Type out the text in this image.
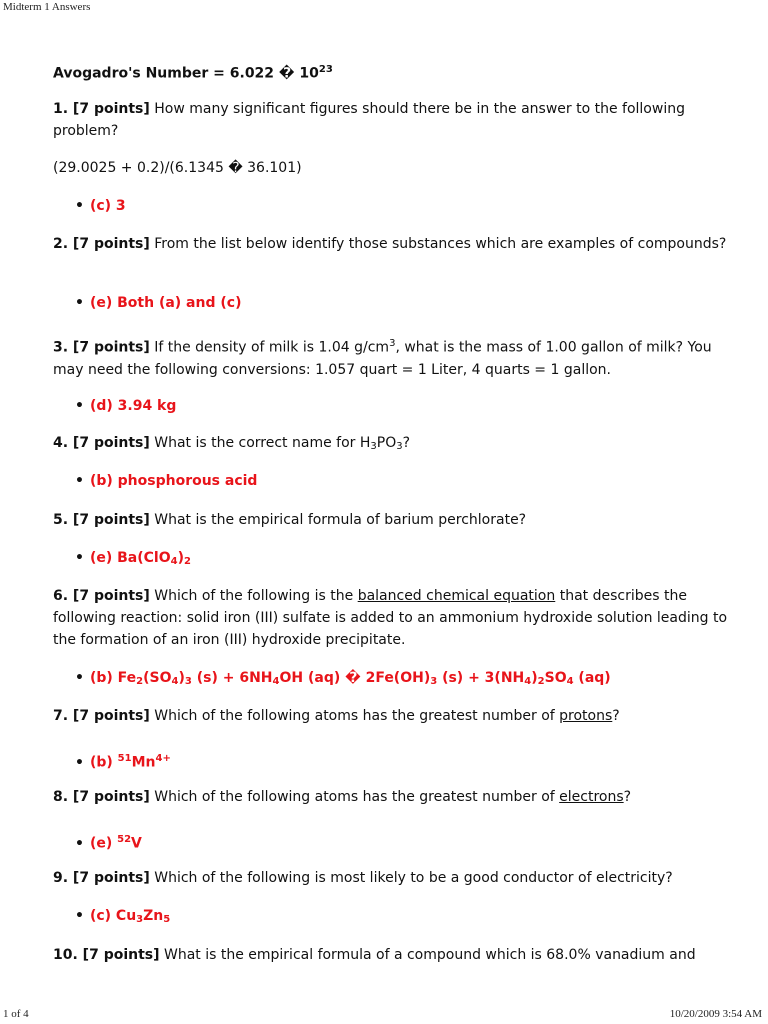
Midterm 1 Answers
Avogadro's Number = 6.022 � $10^{23}$
1. [7 points] How many significant figures should there be in the answer to the following problem?
(29.0025 + 0.2)/(6.1345 � 36.101)
• (c) 3
2. [7 points] From the list below identify those substances which are examples of compounds?
• (e) Both (a) and (c)
3. [7 points] If the density of milk is 1.04 $g/cm^3$, what is the mass of 1.00 gallon of milk? You may need the following conversions: 1.057 quart = 1 Liter, 4 quarts = 1 gallon.
• (d) 3.94 kg
4. [7 points] What is the correct name for $H_3PO_3$?
• (b) phosphorous acid
5. [7 points] What is the empirical formula of barium perchlorate?
• (e) $Ba(ClO_4)_2$
6. [7 points] Which of the following is the balanced chemical equation that describes the following reaction: solid iron (III) sulfate is added to an ammonium hydroxide solution leading to the formation of an iron (III) hydroxide precipitate.
• (b) $Fe_2(SO_4)_3$ $(s) + 6NH_4OH$ (aq) � $2Fe(OH)_3$ $(s) + 3(NH_4)_2SO_4$ (aq)
7. [7 points] Which of the following atoms has the greatest number of protons?
• (b) $^{51}Mn^{4+}$
8. [7 points] Which of the following atoms has the greatest number of electrons?
• (e) $^{52}$V
9. [7 points] Which of the following is most likely to be a good conductor of electricity?
• (c) $Cu_3Zn_5$
10. [7 points] What is the empirical formula of a compound which is 68.0% vanadium and
1 of 4	10/20/2009 3:54 AM
